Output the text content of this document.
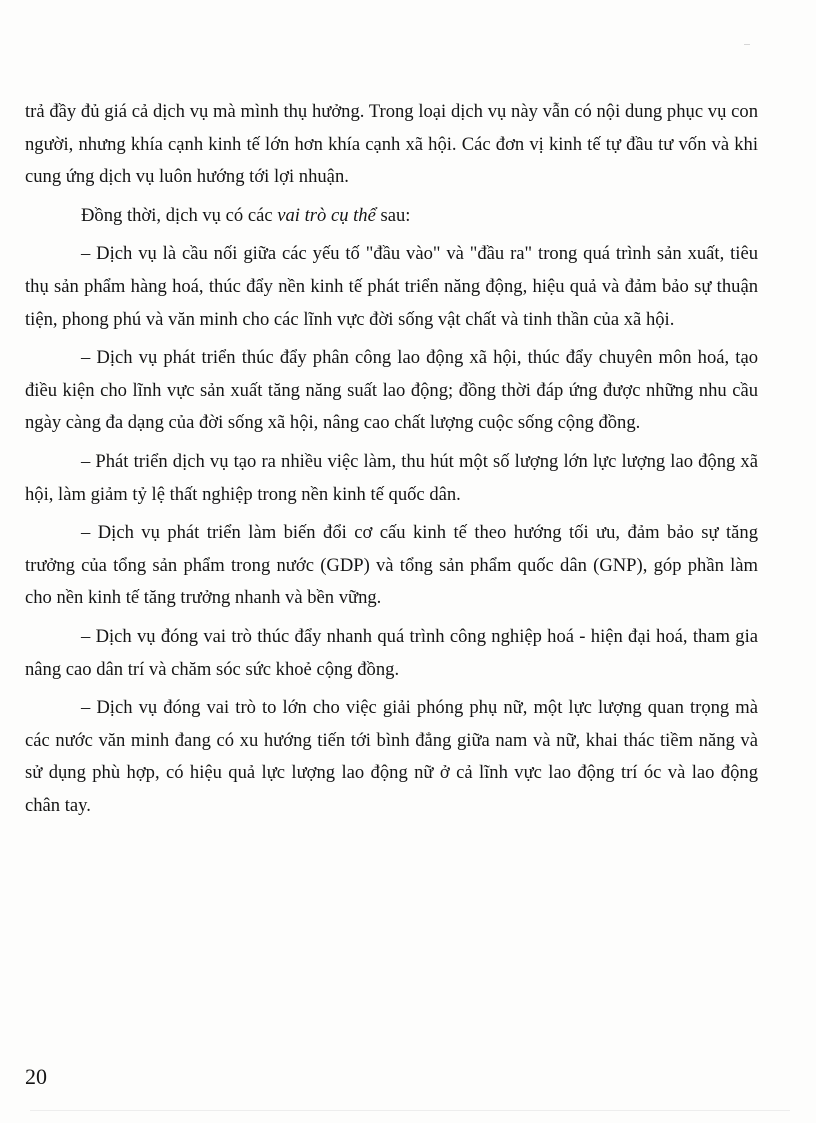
trả đầy đủ giá cả dịch vụ mà mình thụ hưởng. Trong loại dịch vụ này vẫn có nội dung phục vụ con người, nhưng khía cạnh kinh tế lớn hơn khía cạnh xã hội. Các đơn vị kinh tế tự đầu tư vốn và khi cung ứng dịch vụ luôn hướng tới lợi nhuận.

Đồng thời, dịch vụ có các vai trò cụ thể sau:

– Dịch vụ là cầu nối giữa các yếu tố "đầu vào" và "đầu ra" trong quá trình sản xuất, tiêu thụ sản phẩm hàng hoá, thúc đẩy nền kinh tế phát triển năng động, hiệu quả và đảm bảo sự thuận tiện, phong phú và văn minh cho các lĩnh vực đời sống vật chất và tinh thần của xã hội.

– Dịch vụ phát triển thúc đẩy phân công lao động xã hội, thúc đẩy chuyên môn hoá, tạo điều kiện cho lĩnh vực sản xuất tăng năng suất lao động; đồng thời đáp ứng được những nhu cầu ngày càng đa dạng của đời sống xã hội, nâng cao chất lượng cuộc sống cộng đồng.

– Phát triển dịch vụ tạo ra nhiều việc làm, thu hút một số lượng lớn lực lượng lao động xã hội, làm giảm tỷ lệ thất nghiệp trong nền kinh tế quốc dân.

– Dịch vụ phát triển làm biến đổi cơ cấu kinh tế theo hướng tối ưu, đảm bảo sự tăng trưởng của tổng sản phẩm trong nước (GDP) và tổng sản phẩm quốc dân (GNP), góp phần làm cho nền kinh tế tăng trưởng nhanh và bền vững.

– Dịch vụ đóng vai trò thúc đẩy nhanh quá trình công nghiệp hoá - hiện đại hoá, tham gia nâng cao dân trí và chăm sóc sức khoẻ cộng đồng.

– Dịch vụ đóng vai trò to lớn cho việc giải phóng phụ nữ, một lực lượng quan trọng mà các nước văn minh đang có xu hướng tiến tới bình đẳng giữa nam và nữ, khai thác tiềm năng và sử dụng phù hợp, có hiệu quả lực lượng lao động nữ ở cả lĩnh vực lao động trí óc và lao động chân tay.

20
